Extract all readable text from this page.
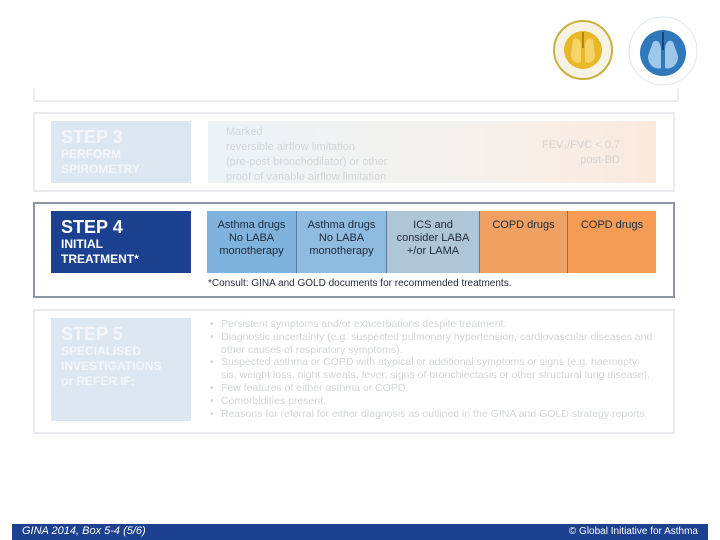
STEP 3
PERFORM
SPIROMETRY
Marked
reversible airflow limitation
(pre-post bronchodilator) or other
proof of variable airflow limitation
FEV₁/FVC < 0.7
post-BD
STEP 4
INITIAL
TREATMENT*
Asthma drugs
No LABA
monotherapy
Asthma drugs
No LABA
monotherapy
ICS and
consider LABA
+/or LAMA
COPD drugs COPD drugs
*Consult: GINA and GOLD documents for recommended treatments.
STEP 5
SPECIALISED
INVESTIGATIONS
or REFER IF:
• Persistent symptoms and/or exacerbations despite treatment.
• Diagnostic uncertainty (e.g. suspected pulmonary hypertension, cardiovascular diseases and
other causes of respiratory symptoms).
• Suspected asthma or COPD with atypical or additional symptoms or signs (e.g. haemopty-
sis, weight loss, night sweats, fever, signs of bronchiectasis or other structural lung disease).
• Few features of either asthma or COPD.
• Comorbidities present.
• Reasons for referral for either diagnosis as outlined in the GINA and GOLD strategy reports.
GINA 2014, Box 5-4 (5/6)	© Global Initiative for Asthma
